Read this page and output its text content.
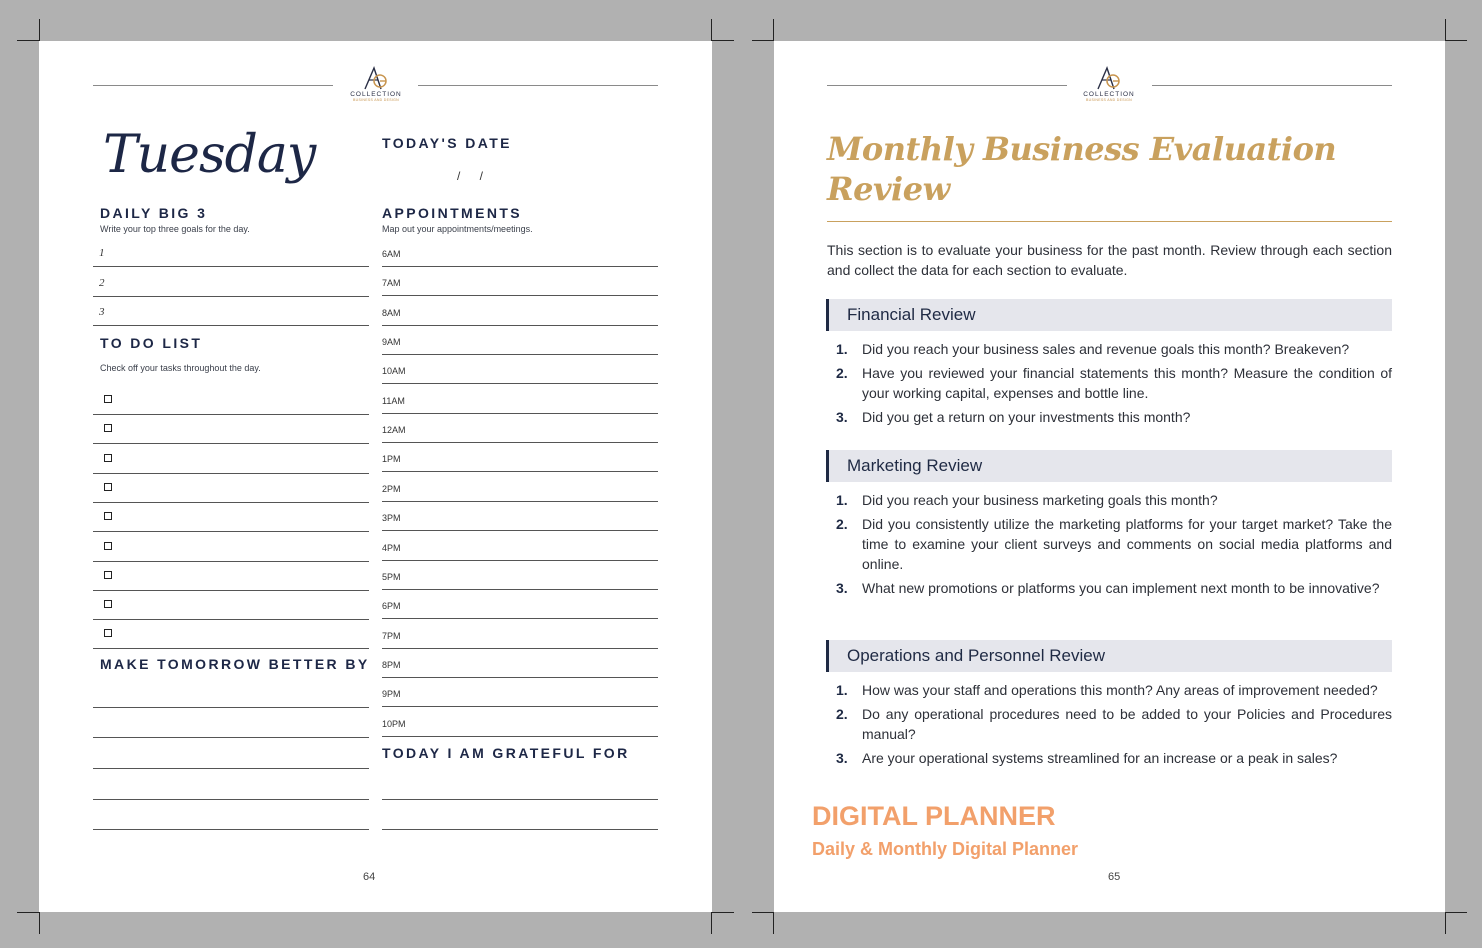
COLLECTION
BUSINESS AND DESIGN
Tuesday	TODAY'S DATE
/ /
DAILY BIG 3
Write your top three goals for the day.
1
2
3
TO DO LIST
Check off your tasks throughout the day.
MAKE TOMORROW BETTER BY
APPOINTMENTS
Map out your appointments/meetings.
6AM
7AM
8AM
9AM
10AM
11AM
12AM
1PM
2PM
3PM
4PM
5PM
6PM
7PM
8PM
9PM
10PM
TODAY I AM GRATEFUL FOR
64
COLLECTION
BUSINESS AND DESIGN
Monthly Business Evaluation Review
This section is to evaluate your business for the past month. Review through each section and collect the data for each section to evaluate.
Financial Review
1. Did you reach your business sales and revenue goals this month? Breakeven?
2. Have you reviewed your financial statements this month? Measure the condition of your working capital, expenses and bottle line.
3. Did you get a return on your investments this month?
Marketing Review
1. Did you reach your business marketing goals this month?
2. Did you consistently utilize the marketing platforms for your target market? Take the time to examine your client surveys and comments on social media platforms and online.
3. What new promotions or platforms you can implement next month to be innovative?
Operations and Personnel Review
1. How was your staff and operations this month? Any areas of improvement needed?
2. Do any operational procedures need to be added to your Policies and Procedures manual?
3. Are your operational systems streamlined for an increase or a peak in sales?
DIGITAL PLANNER
Daily & Monthly Digital Planner
65
